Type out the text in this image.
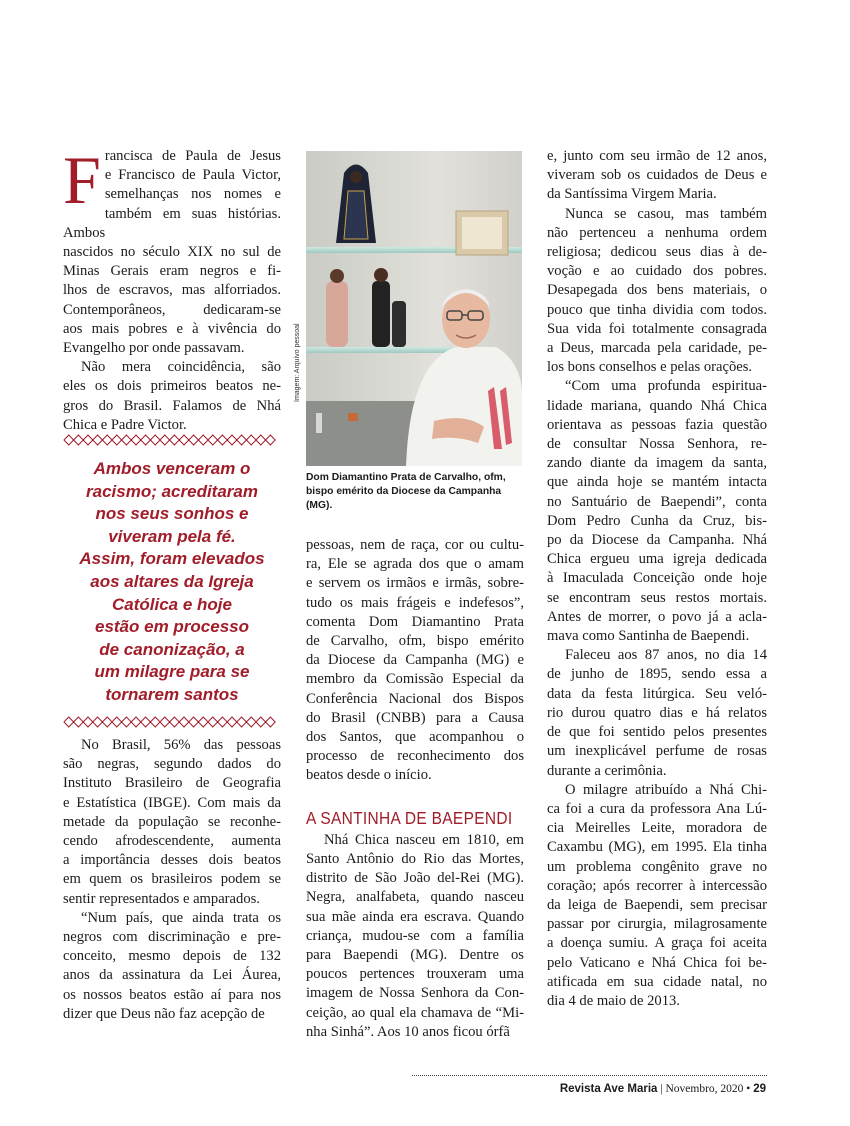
F rancisca de Paula de Jesus
e Francisco de Paula Victor,
semelhanças nos nomes e
também em suas histórias. Ambos
nascidos no século XIX no sul de
Minas Gerais eram negros e fi-
lhos de escravos, mas alforriados.
Contemporâneos, dedicaram-se
aos mais pobres e à vivência do
Evangelho por onde passavam.

Não mera coincidência, são
eles os dois primeiros beatos ne-
gros do Brasil. Falamos de Nhá
Chica e Padre Victor.

Ambos venceram o
racismo; acreditaram
nos seus sonhos e
viveram pela fé.
Assim, foram elevados
aos altares da Igreja
Católica e hoje
estão em processo
de canonização, a
um milagre para se
tornarem santos

No Brasil, 56% das pessoas
são negras, segundo dados do
Instituto Brasileiro de Geografia
e Estatística (IBGE). Com mais da
metade da população se reconhe-
cendo afrodescendente, aumenta
a importância desses dois beatos
em quem os brasileiros podem se
sentir representados e amparados.

“Num país, que ainda trata os
negros com discriminação e pre-
conceito, mesmo depois de 132
anos da assinatura da Lei Áurea,
os nossos beatos estão aí para nos
dizer que Deus não faz acepção de

Imagem: Arquivo pessoal
Dom Diamantino Prata de Carvalho, ofm, bispo emérito da Diocese da Campanha (MG).

pessoas, nem de raça, cor ou cultu-
ra, Ele se agrada dos que o amam
e servem os irmãos e irmãs, sobre-
tudo os mais frágeis e indefesos”,
comenta Dom Diamantino Prata
de Carvalho, ofm, bispo emérito
da Diocese da Campanha (MG) e
membro da Comissão Especial da
Conferência Nacional dos Bispos
do Brasil (CNBB) para a Causa
dos Santos, que acompanhou o
processo de reconhecimento dos
beatos desde o início.

A SANTINHA DE BAEPENDI

Nhá Chica nasceu em 1810, em
Santo Antônio do Rio das Mortes,
distrito de São João del-Rei (MG).
Negra, analfabeta, quando nasceu
sua mãe ainda era escrava. Quando
criança, mudou-se com a família
para Baependi (MG). Dentre os
poucos pertences trouxeram uma
imagem de Nossa Senhora da Con-
ceição, ao qual ela chamava de “Mi-
nha Sinhá”. Aos 10 anos ficou órfã

e, junto com seu irmão de 12 anos,
viveram sob os cuidados de Deus e
da Santíssima Virgem Maria.

Nunca se casou, mas também
não pertenceu a nenhuma ordem
religiosa; dedicou seus dias à de-
voção e ao cuidado dos pobres.
Desapegada dos bens materiais, o
pouco que tinha dividia com todos.
Sua vida foi totalmente consagrada
a Deus, marcada pela caridade, pe-
los bons conselhos e pelas orações.

“Com uma profunda espiritua-
lidade mariana, quando Nhá Chica
orientava as pessoas fazia questão
de consultar Nossa Senhora, re-
zando diante da imagem da santa,
que ainda hoje se mantém intacta
no Santuário de Baependi”, conta
Dom Pedro Cunha da Cruz, bis-
po da Diocese da Campanha. Nhá
Chica ergueu uma igreja dedicada
à Imaculada Conceição onde hoje
se encontram seus restos mortais.
Antes de morrer, o povo já a acla-
mava como Santinha de Baependi.

Faleceu aos 87 anos, no dia 14
de junho de 1895, sendo essa a
data da festa litúrgica. Seu veló-
rio durou quatro dias e há relatos
de que foi sentido pelos presentes
um inexplicável perfume de rosas
durante a cerimônia.

O milagre atribuído a Nhá Chi-
ca foi a cura da professora Ana Lú-
cia Meirelles Leite, moradora de
Caxambu (MG), em 1995. Ela tinha
um problema congênito grave no
coração; após recorrer à intercessão
da leiga de Baependi, sem precisar
passar por cirurgia, milagrosamente
a doença sumiu. A graça foi aceita
pelo Vaticano e Nhá Chica foi be-
atificada em sua cidade natal, no
dia 4 de maio de 2013.

Revista Ave Maria | Novembro, 2020 • 29
